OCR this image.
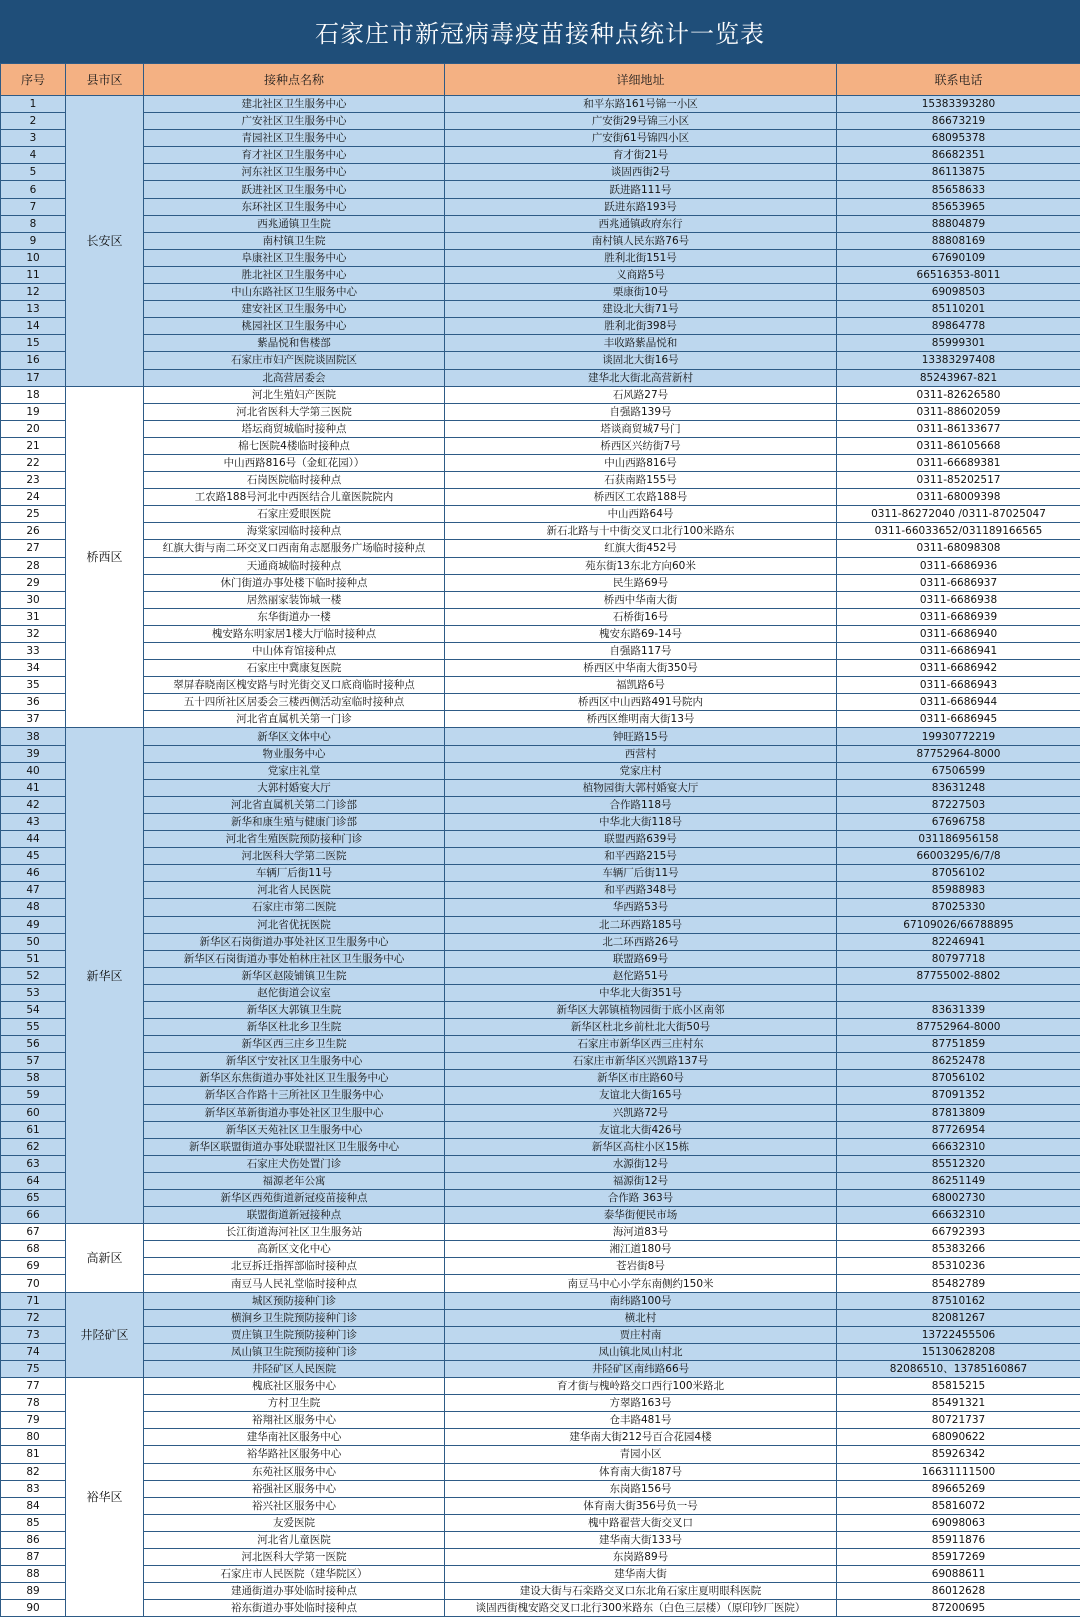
石家庄市新冠病毒疫苗接种点统计一览表
序号	县市区	接种点名称	详细地址	联系电话
1	长安区	建北社区卫生服务中心	和平东路161号锦一小区	15383393280
2		广安社区卫生服务中心	广安街29号锦三小区	86673219
3		青园社区卫生服务中心	广安街61号锦四小区	68095378
4		育才社区卫生服务中心	育才街21号	86682351
5		河东社区卫生服务中心	谈固西街2号	86113875
6		跃进社区卫生服务中心	跃进路111号	85658633
7		东环社区卫生服务中心	跃进东路193号	85653965
8		西兆通镇卫生院	西兆通镇政府东行	88804879
9		南村镇卫生院	南村镇人民东路76号	88808169
10		阜康社区卫生服务中心	胜利北街151号	67690109
11		胜北社区卫生服务中心	义商路5号	66516353-8011
12		中山东路社区卫生服务中心	栗康街10号	69098503
13		建安社区卫生服务中心	建设北大街71号	85110201
14		桃园社区卫生服务中心	胜利北街398号	89864778
15		紫晶悦和售楼部	丰收路紫晶悦和	85999301
16		石家庄市妇产医院谈固院区	谈固北大街16号	13383297408
17		北高营居委会	建华北大街北高营新村	85243967-821
18	桥西区	河北生殖妇产医院	石风路27号	0311-82626580
19		河北省医科大学第三医院	自强路139号	0311-88602059
20		塔坛商贸城临时接种点	塔谈商贸城7号门	0311-86133677
21		棉七医院4楼临时接种点	桥西区兴纺街7号	0311-86105668
22		中山西路816号（金虹花园））	中山西路816号	0311-66689381
23		石岗医院临时接种点	石获南路155号	0311-85202517
24		工农路188号河北中西医结合儿童医院院内	桥西区工农路188号	0311-68009398
25		石家庄爱眼医院	中山西路64号	0311-86272040 /0311-87025047
26		海棠家园临时接种点	新石北路与十中街交叉口北行100米路东	0311-66033652/031189166565
27		红旗大街与南二环交叉口西南角志愿服务广场临时接种点	红旗大街452号	0311-68098308
28		天通商城临时接种点	苑东街13东北方向60米	0311-6686936
29		休门街道办事处楼下临时接种点	民生路69号	0311-6686937
30		居然丽家装饰城一楼	桥西中华南大街	0311-6686938
31		东华街道办一楼	石桥街16号	0311-6686939
32		槐安路东明家居1楼大厅临时接种点	槐安东路69-14号	0311-6686940
33		中山体育馆接种点	自强路117号	0311-6686941
34		石家庄中冀康复医院	桥西区中华南大街350号	0311-6686942
35		翠屏春晓南区槐安路与时光街交叉口底商临时接种点	福凯路6号	0311-6686943
36		五十四所社区居委会三楼西侧活动室临时接种点	桥西区中山西路491号院内	0311-6686944
37		河北省直属机关第一门诊	桥西区维明南大街13号	0311-6686945
38	新华区	新华区文体中心	钟旺路15号	19930772219
39		物业服务中心	西营村	87752964-8000
40		党家庄礼堂	党家庄村	67506599
41		大郭村婚宴大厅	植物园街大郭村婚宴大厅	83631248
42		河北省直属机关第二门诊部	合作路118号	87227503
43		新华和康生殖与健康门诊部	中华北大街118号	67696758
44		河北省生殖医院预防接种门诊	联盟西路639号	031186956158
45		河北医科大学第二医院	和平西路215号	66003295/6/7/8
46		车辆厂后街11号	车辆厂后街11号	87056102
47		河北省人民医院	和平西路348号	85988983
48		石家庄市第二医院	华西路53号	87025330
49		河北省优抚医院	北二环西路185号	67109026/66788895
50		新华区石岗街道办事处社区卫生服务中心	北二环西路26号	82246941
51		新华区石岗街道办事处柏林庄社区卫生服务中心	联盟路69号	80797718
52		新华区赵陵铺镇卫生院	赵佗路51号	87755002-8802
53		赵佗街道会议室	中华北大街351号	
54		新华区大郭镇卫生院	新华区大郭镇植物园街于底小区南邻	83631339
55		新华区杜北乡卫生院	新华区杜北乡前杜北大街50号	87752964-8000
56		新华区西三庄乡卫生院	石家庄市新华区西三庄村东	87751859
57		新华区宁安社区卫生服务中心	石家庄市新华区兴凯路137号	86252478
58		新华区东焦街道办事处社区卫生服务中心	新华区市庄路60号	87056102
59		新华区合作路十三所社区卫生服务中心	友谊北大街165号	87091352
60		新华区革新街道办事处社区卫生服中心	兴凯路72号	87813809
61		新华区天苑社区卫生服务中心	友谊北大街426号	87726954
62		新华区联盟街道办事处联盟社区卫生服务中心	新华区高柱小区15栋	66632310
63		石家庄犬伤处置门诊	水源街12号	85512320
64		福源老年公寓	福源街12号	86251149
65		新华区西苑街道新冠疫苗接种点	合作路 363号	68002730
66		联盟街道新冠接种点	泰华街便民市场	66632310
67	高新区	长江街道海河社区卫生服务站	海河道83号	66792393
68		高新区文化中心	湘江道180号	85383266
69		北豆拆迁指挥部临时接种点	苍岩街8号	85310236
70		南豆马人民礼堂临时接种点	南豆马中心小学东南侧约150米	85482789
71	井陉矿区	城区预防接种门诊	南纬路100号	87510162
72		横涧乡卫生院预防接种门诊	横北村	82081267
73		贾庄镇卫生院预防接种门诊	贾庄村南	13722455506
74		凤山镇卫生院预防接种门诊	凤山镇北凤山村北	15130628208
75		井陉矿区人民医院	井陉矿区南纬路66号	82086510、13785160867
77	裕华区	槐底社区服务中心	育才街与槐岭路交口西行100米路北	85815215
78		方村卫生院	方翠路163号	85491321
79		裕翔社区服务中心	仓丰路481号	80721737
80		建华南社区服务中心	建华南大街212号百合花园4楼	68090622
81		裕华路社区服务中心	青园小区	85926342
82		东苑社区服务中心	体育南大街187号	16631111500
83		裕强社区服务中心	东岗路156号	89665269
84		裕兴社区服务中心	体育南大街356号负一号	85816072
85		友爱医院	槐中路翟营大街交叉口	69098063
86		河北省儿童医院	建华南大街133号	85911876
87		河北医科大学第一医院	东岗路89号	85917269
88		石家庄市人民医院（建华院区）	建华南大街	69088611
89		建通街道办事处临时接种点	建设大街与石栾路交叉口东北角石家庄夏明眼科医院	86012628
90		裕东街道办事处临时接种点	谈固西街槐安路交叉口北行300米路东（白色三层楼）（原印钞厂医院）	87200695
